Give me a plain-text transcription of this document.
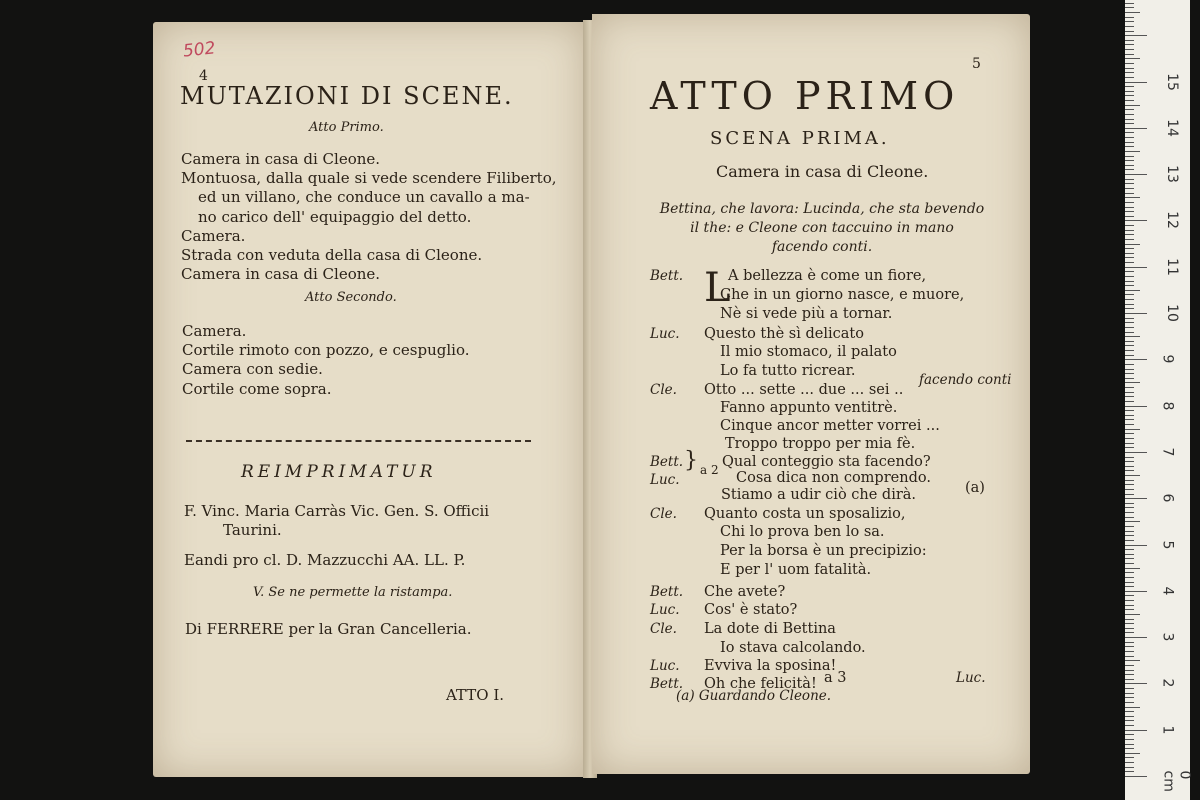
502
4
MUTAZIONI DI SCENE.
Atto Primo.
Camera in casa di Cleone.
Montuosa, dalla quale si vede scendere Filiberto,
ed un villano, che conduce un cavallo a ma-
no carico dell' equipaggio del detto.
Camera.
Strada con veduta della casa di Cleone.
Camera in casa di Cleone.
Atto Secondo.
Camera.
Cortile rimoto con pozzo, e cespuglio.
Camera con sedie.
Cortile come sopra.
REIMPRIMATUR
F. Vinc. Maria Carràs Vic. Gen. S. Officii
Taurini.
Eandi pro cl. D. Mazzucchi AA. LL. P.
V. Se ne permette la ristampa.
Di FERRERE per la Gran Cancelleria.
ATTO I.
5
ATTO PRIMO
SCENA PRIMA.
Camera in casa di Cleone.
Bettina, che lavora: Lucinda, che sta bevendo
il the: e Cleone con taccuino in mano
facendo conti.
L
Bett.	A bellezza è come un fiore,
Che in un giorno nasce, e muore,
Nè si vede più a tornar.
Luc. Questo thè sì delicato
Il mio stomaco, il palato
Lo fa tutto ricrear.
Cle. Otto ... sette ... due ... sei ..
Fanno appunto ventitrè.
Cinque ancor metter vorrei ...
Troppo troppo per mia fè.
Qual conteggio sta facendo?
Cosa dica non comprendo.
Stiamo a udir ciò che dirà.
Cle. Quanto costa un sposalizio,
Chi lo prova ben lo sa.
Per la borsa è un precipizio:
E per l' uom fatalità.
Bett. Che avete?
Luc. Cos' è stato?
Cle. La dote di Bettina
Io stava calcolando.
Luc. Evviva la sposina!
Bett. Oh che felicità!
facendo conti
Bett.
Luc.
} a 2
(a)
a 3	Luc.
(a) Guardando Cleone.
0 cm
1
2
3
4
5
6
7
8
9
10
11
12
13
14
15
